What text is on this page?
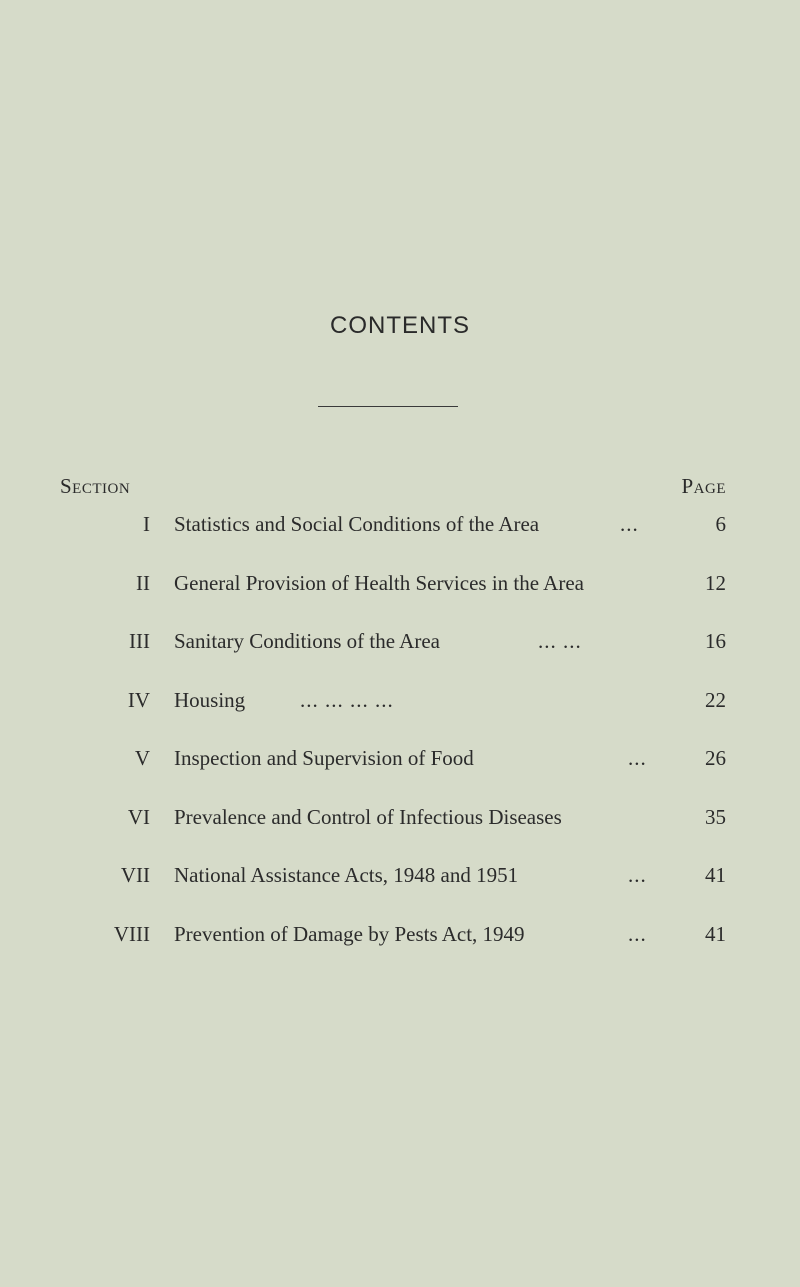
CONTENTS
Section	Page
I Statistics and Social Conditions of the Area	...	6
II General Provision of Health Services in the Area	12
III Sanitary Conditions of the Area	... ...	16
IV Housing	... ... ... ...	22
V Inspection and Supervision of Food	...	26
VI Prevalence and Control of Infectious Diseases	35
VII National Assistance Acts, 1948 and 1951	...	41
VIII Prevention of Damage by Pests Act, 1949	...	41
